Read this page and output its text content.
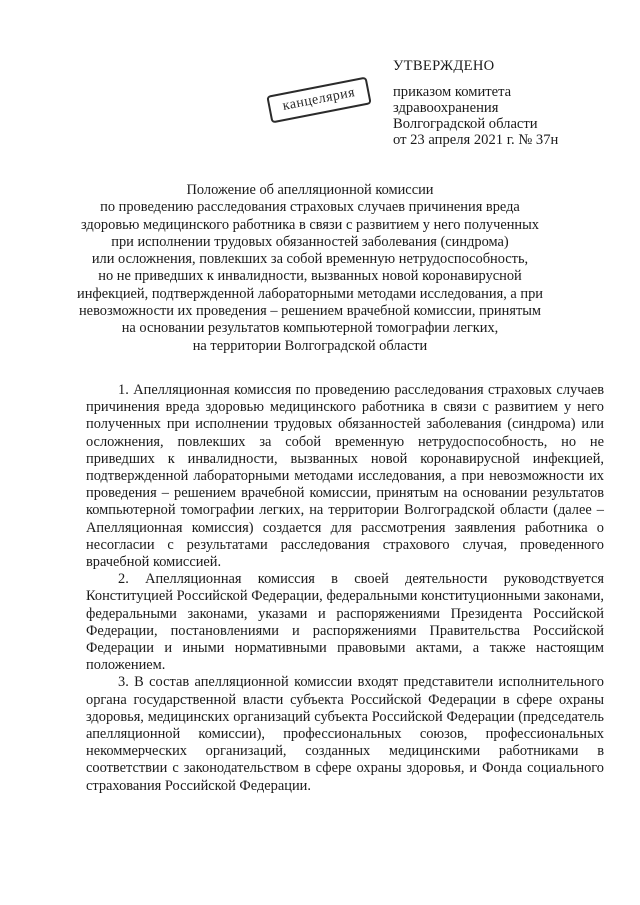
канцелярия
УТВЕРЖДЕНО
приказом комитета
здравоохранения
Волгоградской области
от 23 апреля 2021 г. № 37н
Положение об апелляционной комиссии
по проведению расследования страховых случаев причинения вреда
здоровью медицинского работника в связи с развитием у него полученных
при исполнении трудовых обязанностей заболевания (синдрома)
или осложнения, повлекших за собой временную нетрудоспособность,
но не приведших к инвалидности, вызванных новой коронавирусной
инфекцией, подтвержденной лабораторными методами исследования, а при
невозможности их проведения – решением врачебной комиссии, принятым
на основании результатов компьютерной томографии легких,
на территории Волгоградской области

1. Апелляционная комиссия по проведению расследования страховых случаев причинения вреда здоровью медицинского работника в связи с развитием у него полученных при исполнении трудовых обязанностей заболевания (синдрома) или осложнения, повлекших за собой временную нетрудоспособность, но не приведших к инвалидности, вызванных новой коронавирусной инфекцией, подтвержденной лабораторными методами исследования, а при невозможности их проведения – решением врачебной комиссии, принятым на основании результатов компьютерной томографии легких, на территории Волгоградской области (далее – Апелляционная комиссия) создается для рассмотрения заявления работника о несогласии с результатами расследования страхового случая, проведенного врачебной комиссией.

2. Апелляционная комиссия в своей деятельности руководствуется Конституцией Российской Федерации, федеральными конституционными законами, федеральными законами, указами и распоряжениями Президента Российской Федерации, постановлениями и распоряжениями Правительства Российской Федерации и иными нормативными правовыми актами, а также настоящим положением.

3. В состав апелляционной комиссии входят представители исполнительного органа государственной власти субъекта Российской Федерации в сфере охраны здоровья, медицинских организаций субъекта Российской Федерации (председатель апелляционной комиссии), профессиональных союзов, профессиональных некоммерческих организаций, созданных медицинскими работниками в соответствии с законодательством в сфере охраны здоровья, и Фонда социального страхования Российской Федерации.
